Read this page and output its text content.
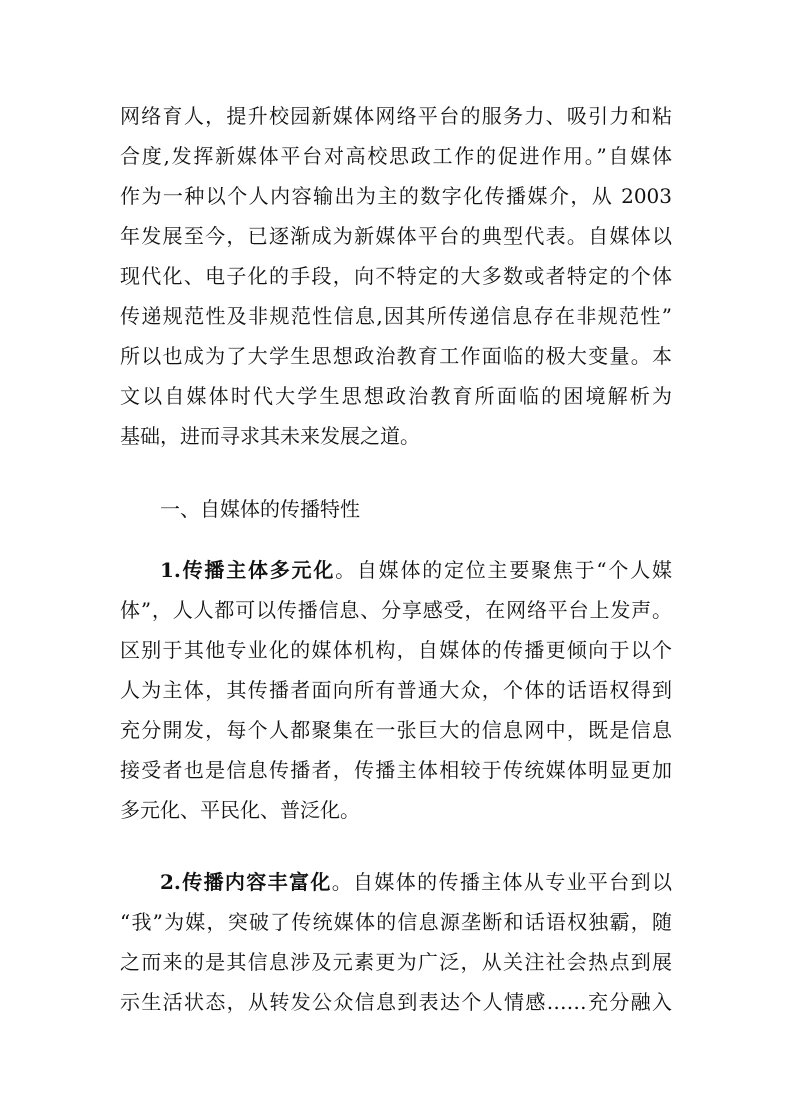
网络育人，提升校园新媒体网络平台的服务力、吸引力和粘
合度,发挥新媒体平台对高校思政工作的促进作用。”自媒体
作为一种以个人内容输出为主的数字化传播媒介，从 2003
年发展至今，已逐渐成为新媒体平台的典型代表。自媒体以
现代化、电子化的手段，向不特定的大多数或者特定的个体
传递规范性及非规范性信息,因其所传递信息存在非规范性”
所以也成为了大学生思想政治教育工作面临的极大变量。本
文以自媒体时代大学生思想政治教育所面临的困境解析为
基础，进而寻求其未来发展之道。
一、自媒体的传播特性
1.传播主体多元化。自媒体的定位主要聚焦于“个人媒
体”，人人都可以传播信息、分享感受，在网络平台上发声。
区别于其他专业化的媒体机构，自媒体的传播更倾向于以个
人为主体，其传播者面向所有普通大众，个体的话语权得到
充分開发，每个人都聚集在一张巨大的信息网中，既是信息
接受者也是信息传播者，传播主体相较于传统媒体明显更加
多元化、平民化、普泛化。
2.传播内容丰富化。自媒体的传播主体从专业平台到以
“我”为媒，突破了传统媒体的信息源垄断和话语权独霸，随
之而来的是其信息涉及元素更为广泛，从关注社会热点到展
示生活状态，从转发公众信息到表达个人情感……充分融入
